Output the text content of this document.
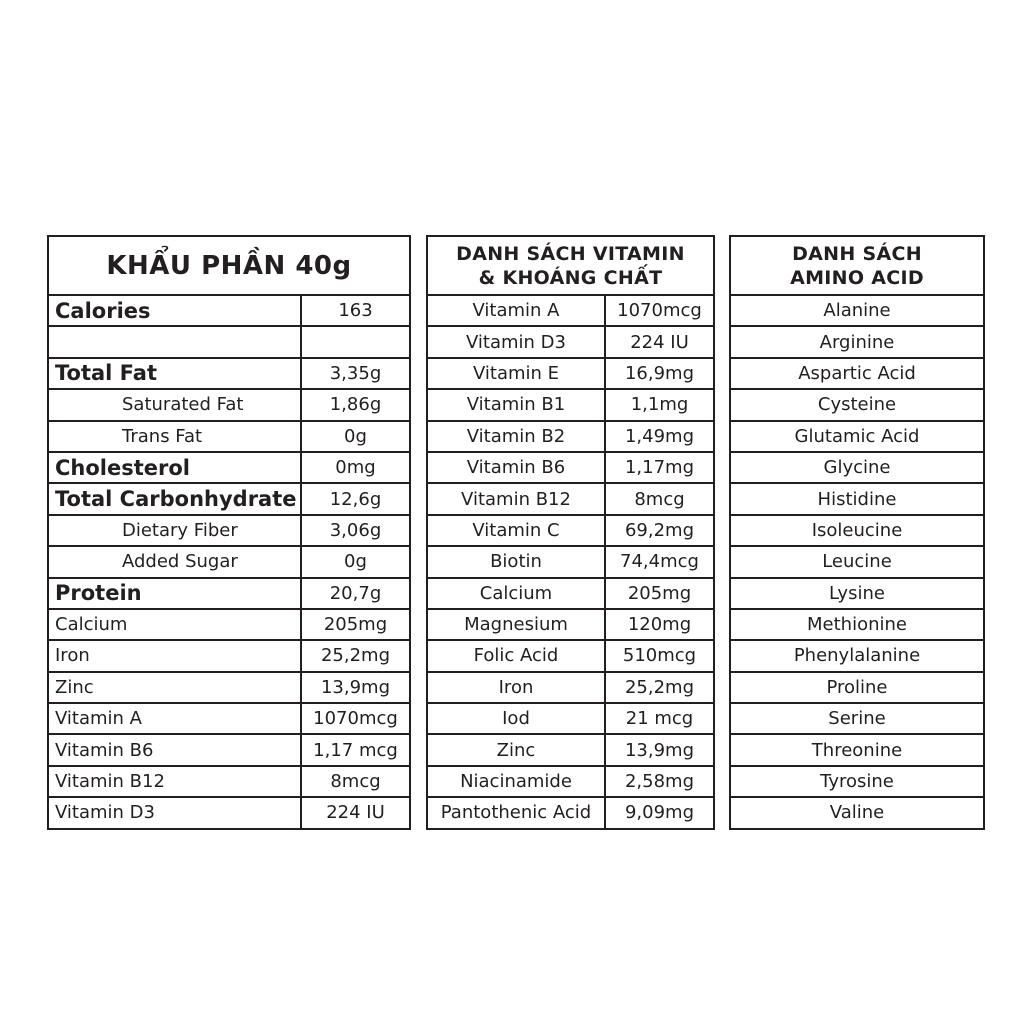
KHẨU PHẦN 40g	
Calories	163

Total Fat	3,35g
Saturated Fat	1,86g
Trans Fat	0g
Cholesterol	0mg
Total Carbonhydrate	12,6g
Dietary Fiber	3,06g
Added Sugar	0g
Protein	20,7g
Calcium	205mg
Iron	25,2mg
Zinc	13,9mg
Vitamin A	1070mcg
Vitamin B6	1,17 mcg
Vitamin B12	8mcg
Vitamin D3	224 IU
DANH SÁCH VITAMIN
& KHOÁNG CHẤT	
Vitamin A	1070mcg
Vitamin D3	224 IU
Vitamin E	16,9mg
Vitamin B1	1,1mg
Vitamin B2	1,49mg
Vitamin B6	1,17mg
Vitamin B12	8mcg
Vitamin C	69,2mg
Biotin	74,4mcg
Calcium	205mg
Magnesium	120mg
Folic Acid	510mcg
Iron	25,2mg
Iod	21 mcg
Zinc	13,9mg
Niacinamide	2,58mg
Pantothenic Acid	9,09mg
DANH SÁCH
AMINO ACID
Alanine
Arginine
Aspartic Acid
Cysteine
Glutamic Acid
Glycine
Histidine
Isoleucine
Leucine
Lysine
Methionine
Phenylalanine
Proline
Serine
Threonine
Tyrosine
Valine
